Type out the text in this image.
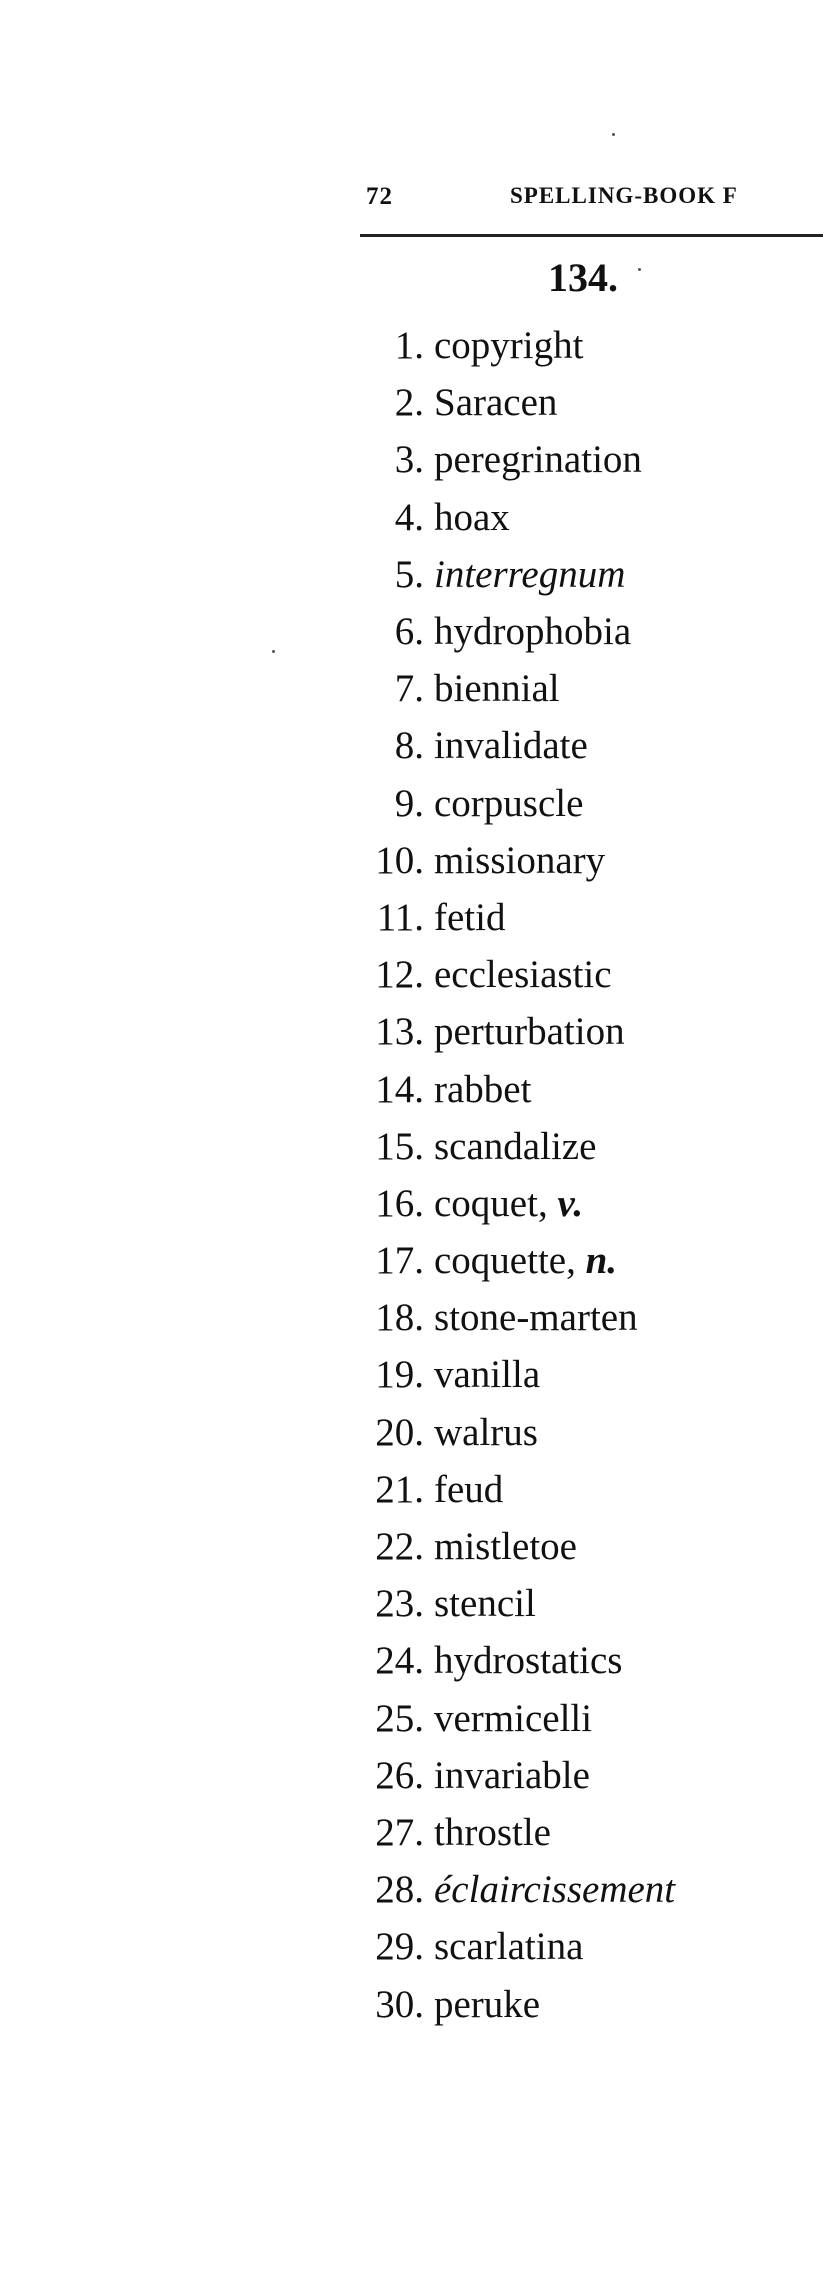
72	SPELLING-BOOK F
134.
1. copyright
2. Saracen
3. peregrination
4. hoax
5. interregnum
6. hydrophobia
7. biennial
8. invalidate
9. corpuscle
10. missionary
11. fetid
12. ecclesiastic
13. perturbation
14. rabbet
15. scandalize
16. coquet,
v.
17. coquette,
n.
18. stone-marten
19. vanilla
20. walrus
21. feud
22. mistletoe
23. stencil
24. hydrostatics
25. vermicelli
26. invariable
27. throstle
28. éclaircissement
29. scarlatina
30. peruke
